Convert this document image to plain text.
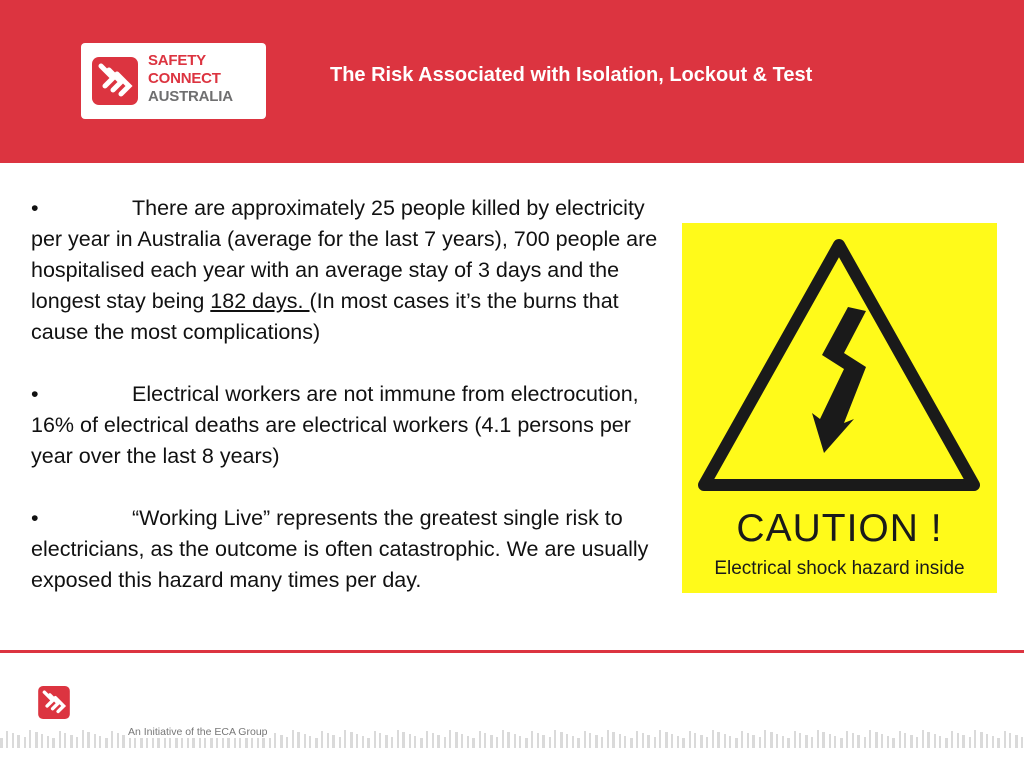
SAFETY
CONNECT
AUSTRALIA
The Risk Associated with Isolation, Lockout & Test

•	There are approximately 25 people killed by electricity per year in Australia (average for the last 7 years), 700 people are hospitalised each year with an average stay of 3 days and the longest stay being 182 days. (In most cases it’s the burns that cause the most complications)

•	Electrical workers are not immune from electrocution, 16% of electrical deaths are electrical workers (4.1 persons per year over the last 8 years)

•	“Working Live” represents the greatest single risk to electricians, as the outcome is often catastrophic. We are usually exposed this hazard many times per day.

CAUTION !
Electrical shock hazard inside
An Initiative of the ECA Group
